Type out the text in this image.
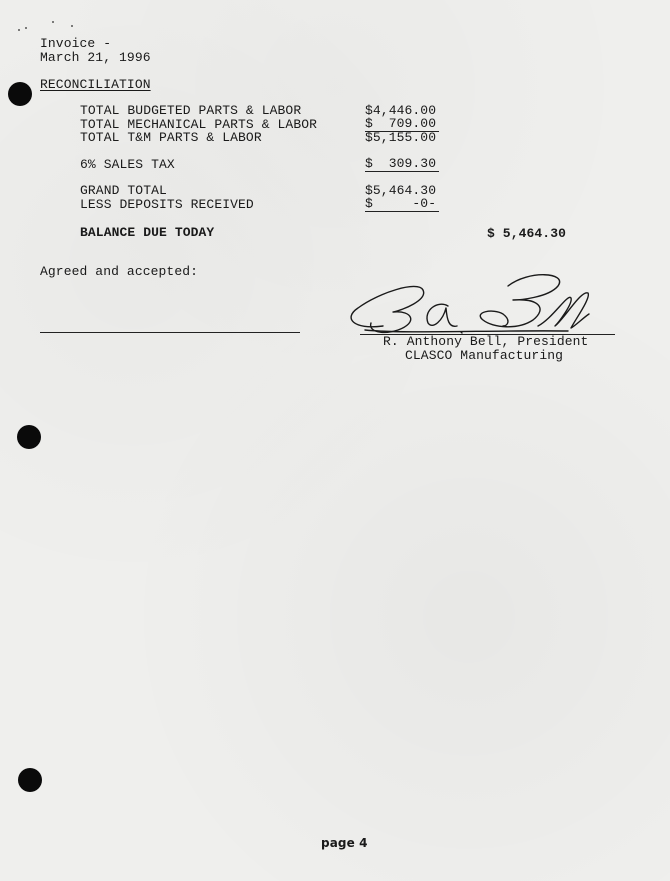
Invoice -
March 21, 1996
RECONCILIATION
TOTAL BUDGETED PARTS & LABOR	$4,446.00
TOTAL MECHANICAL PARTS & LABOR	$  709.00
TOTAL T&M PARTS & LABOR	$5,155.00
6% SALES TAX	$  309.30
GRAND TOTAL	$5,464.30
LESS DEPOSITS RECEIVED	$     -0-
BALANCE DUE TODAY	$ 5,464.30
Agreed and accepted:
R. Anthony Bell, President
CLASCO Manufacturing
page 4
